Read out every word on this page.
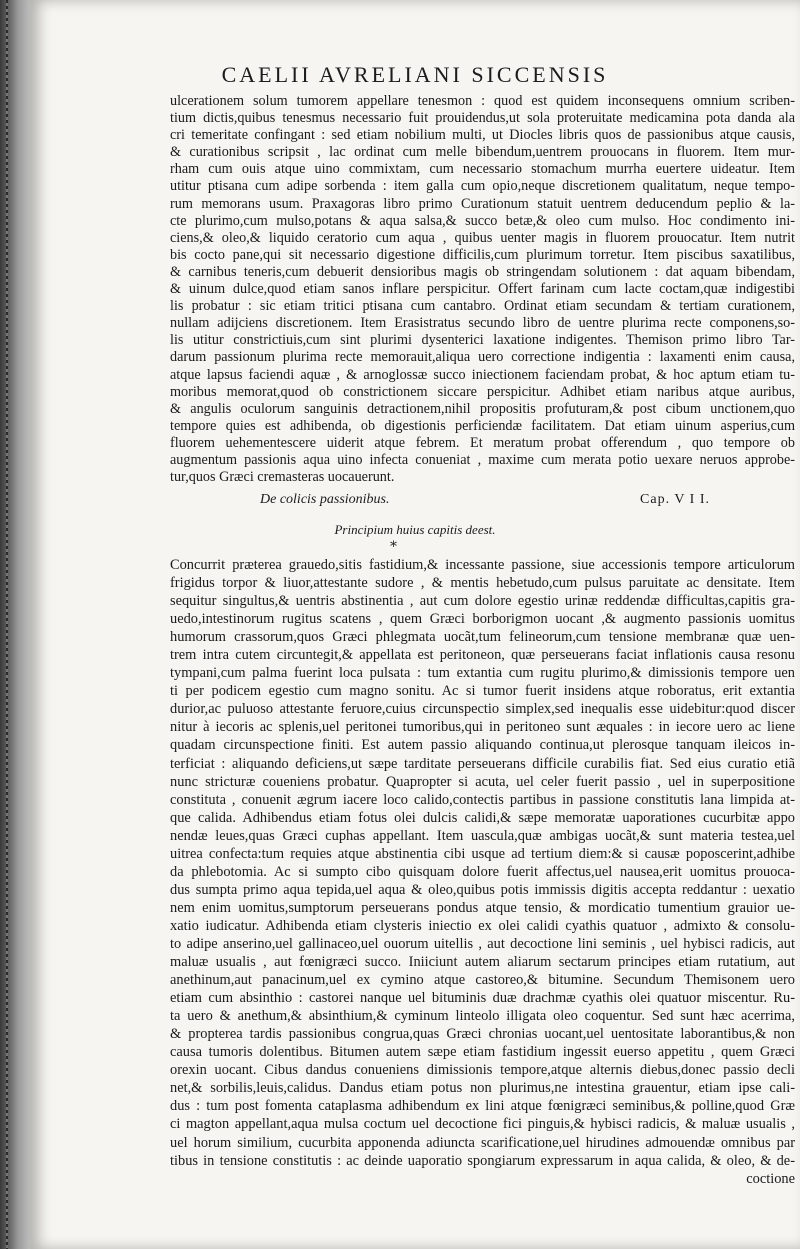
CAELII AVRELIANI SICCENSIS

ulcerationem solum tumorem appellare tenesmon : quod est quidem inconsequens omnium scriben-

tium dictis,quibus tenesmus necessario fuit prouidendus,ut sola proteruitate medicamina pota danda ala

cri temeritate confingant : sed etiam nobilium multi, ut Diocles libris quos de passionibus atque causis,

& curationibus scripsit , lac ordinat cum melle bibendum,uentrem prouocans in fluorem. Item mur-

rham cum ouis atque uino commixtam, cum necessario stomachum murrha euertere uideatur. Item

utitur ptisana cum adipe sorbenda : item galla cum opio,neque discretionem qualitatum, neque tempo-

rum memorans usum. Praxagoras libro primo Curationum statuit uentrem deducendum peplio & la-

cte plurimo,cum mulso,potans & aqua salsa,& succo betæ,& oleo cum mulso. Hoc condimento ini-

ciens,& oleo,& liquido ceratorio cum aqua , quibus uenter magis in fluorem prouocatur. Item nutrit

bis cocto pane,qui sit necessario digestione difficilis,cum plurimum torretur. Item piscibus saxatilibus,

& carnibus teneris,cum debuerit densioribus magis ob stringendam solutionem : dat aquam bibendam,

& uinum dulce,quod etiam sanos inflare perspicitur. Offert farinam cum lacte coctam,quæ indigestibi

lis probatur : sic etiam tritici ptisana cum cantabro. Ordinat etiam secundam & tertiam curationem,

nullam adijciens discretionem. Item Erasistratus secundo libro de uentre plurima recte componens,so-

lis utitur constrictiuis,cum sint plurimi dysenterici laxatione indigentes. Themison primo libro Tar-

darum passionum plurima recte memorauit,aliqua uero correctione indigentia : laxamenti enim causa,

atque lapsus faciendi aquæ , & arnoglossæ succo iniectionem faciendam probat, & hoc aptum etiam tu-

moribus memorat,quod ob constrictionem siccare perspicitur. Adhibet etiam naribus atque auribus,

& angulis oculorum sanguinis detractionem,nihil propositis profuturam,& post cibum unctionem,quo

tempore quies est adhibenda, ob digestionis perficiendæ facilitatem. Dat etiam uinum asperius,cum

fluorem uehementescere uiderit atque febrem. Et meratum probat offerendum , quo tempore ob

augmentum passionis aqua uino infecta conueniat , maxime cum merata potio uexare neruos approbe-

tur,quos Græci cremasteras uocauerunt.

De colicis passionibus.	Cap. V I I.
Principium huius capitis deest.
*

Concurrit præterea grauedo,sitis fastidium,& incessante passione, siue accessionis tempore articulorum

frigidus torpor & liuor,attestante sudore , & mentis hebetudo,cum pulsus paruitate ac densitate. Item

sequitur singultus,& uentris abstinentia , aut cum dolore egestio urinæ reddendæ difficultas,capitis gra-

uedo,intestinorum rugitus scatens , quem Græci borborigmon uocant ,& augmento passionis uomitus

humorum crassorum,quos Græci phlegmata uocãt,tum felineorum,cum tensione membranæ quæ uen-

trem intra cutem circuntegit,& appellata est peritoneon, quæ perseuerans faciat inflationis causa resonu

tympani,cum palma fuerint loca pulsata : tum extantia cum rugitu plurimo,& dimissionis tempore uen

ti per podicem egestio cum magno sonitu. Ac si tumor fuerit insidens atque roboratus, erit extantia

durior,ac puluoso attestante feruore,cuius circunspectio simplex,sed inequalis esse uidebitur:quod discer

nitur à iecoris ac splenis,uel peritonei tumoribus,qui in peritoneo sunt æquales : in iecore uero ac liene

quadam circunspectione finiti. Est autem passio aliquando continua,ut plerosque tanquam ileicos in-

terficiat : aliquando deficiens,ut sæpe tarditate perseuerans difficile curabilis fiat. Sed eius curatio etiã

nunc stricturæ coueniens probatur. Quapropter si acuta, uel celer fuerit passio , uel in superpositione

constituta , conuenit ægrum iacere loco calido,contectis partibus in passione constitutis lana limpida at-

que calida. Adhibendus etiam fotus olei dulcis calidi,& sæpe memoratæ uaporationes cucurbitæ appo

nendæ leues,quas Græci cuphas appellant. Item uascula,quæ ambigas uocãt,& sunt materia testea,uel

uitrea confecta:tum requies atque abstinentia cibi usque ad tertium diem:& si causæ poposcerint,adhibe

da phlebotomia. Ac si sumpto cibo quisquam dolore fuerit affectus,uel nausea,erit uomitus prouoca-

dus sumpta primo aqua tepida,uel aqua & oleo,quibus potis immissis digitis accepta reddantur : uexatio

nem enim uomitus,sumptorum perseuerans pondus atque tensio, & mordicatio tumentium grauior ue-

xatio iudicatur. Adhibenda etiam clysteris iniectio ex olei calidi cyathis quatuor , admixto & consolu-

to adipe anserino,uel gallinaceo,uel ouorum uitellis , aut decoctione lini seminis , uel hybisci radicis, aut

maluæ usualis , aut fœnigræci succo. Iniiciunt autem aliarum sectarum principes etiam rutatium, aut

anethinum,aut panacinum,uel ex cymino atque castoreo,& bitumine. Secundum Themisonem uero

etiam cum absinthio : castorei nanque uel bituminis duæ drachmæ cyathis olei quatuor miscentur. Ru-

ta uero & anethum,& absinthium,& cyminum linteolo illigata oleo coquentur. Sed sunt hæc acerrima,

& propterea tardis passionibus congrua,quas Græci chronias uocant,uel uentositate laborantibus,& non

causa tumoris dolentibus. Bitumen autem sæpe etiam fastidium ingessit euerso appetitu , quem Græci

orexin uocant. Cibus dandus conueniens dimissionis tempore,atque alternis diebus,donec passio decli

net,& sorbilis,leuis,calidus. Dandus etiam potus non plurimus,ne intestina grauentur, etiam ipse cali-

dus : tum post fomenta cataplasma adhibendum ex lini atque fœnigræci seminibus,& polline,quod Græ

ci magton appellant,aqua mulsa coctum uel decoctione fici pinguis,& hybisci radicis, & maluæ usualis ,

uel horum similium, cucurbita apponenda adiuncta scarificatione,uel hirudines admouendæ omnibus par

tibus in tensione constitutis : ac deinde uaporatio spongiarum expressarum in aqua calida, & oleo, & de-

coctione
